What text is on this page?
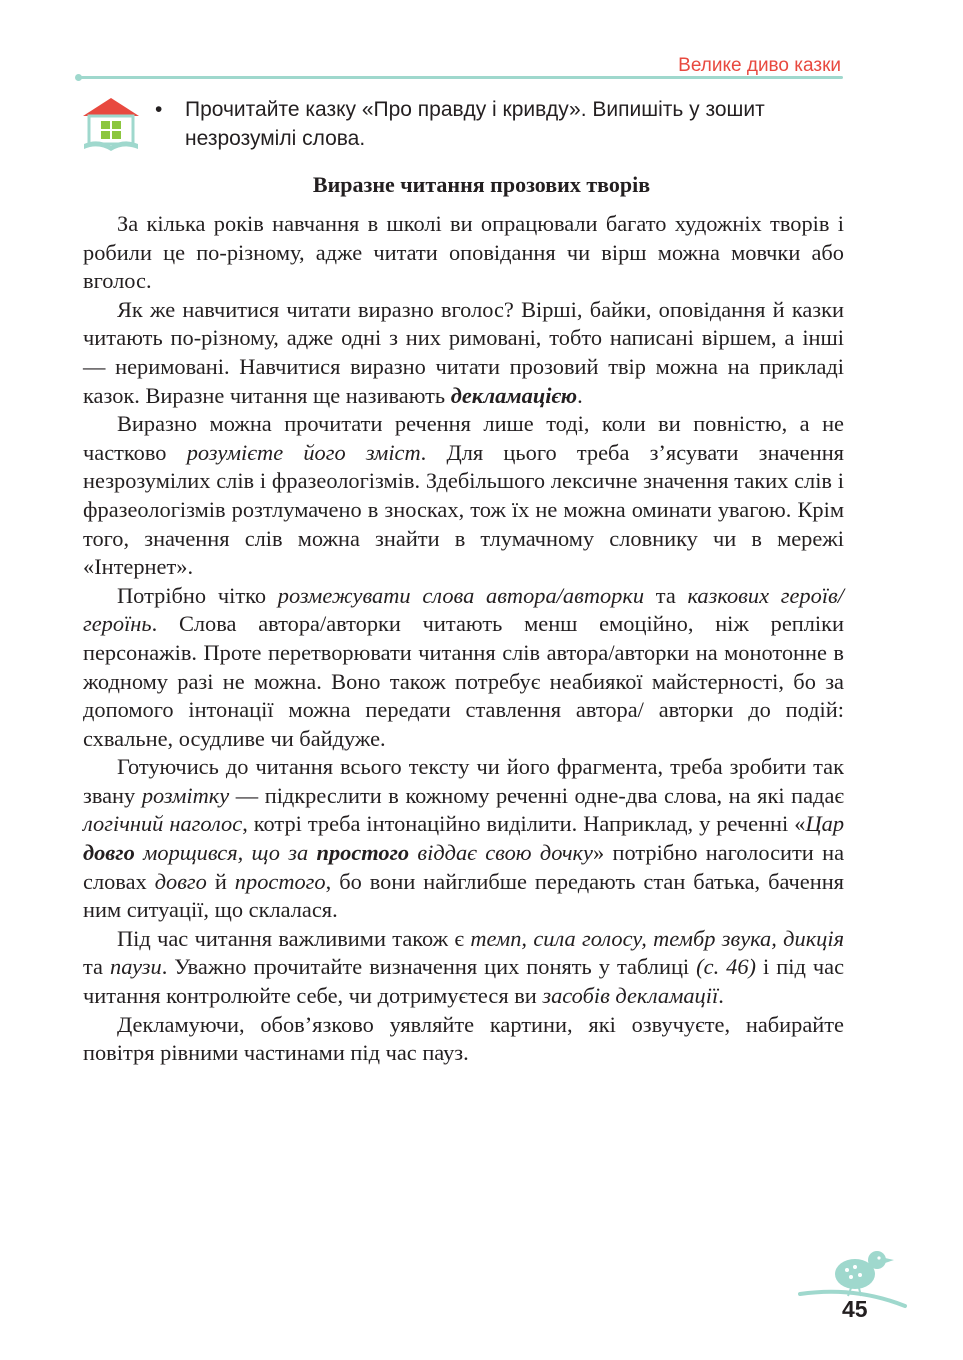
Велике диво казки
•	Прочитайте казку «Про правду і кривду». Випишіть у зошит незрозумілі слова.
Виразне читання прозових творів

За кілька років навчання в школі ви опрацювали багато художніх творів і робили це по-різному, адже читати оповідання чи вірш можна мовчки або вголос.

Як же навчитися читати виразно вголос? Вірші, байки, оповідання й казки читають по-різному, адже одні з них римовані, тобто написані віршем, а інші — неримовані. Навчитися виразно читати прозовий твір можна на прикладі казок. Виразне читання ще називають декламацією.

Виразно можна прочитати речення лише тоді, коли ви повністю, а не частково розумієте його зміст. Для цього треба з’ясувати значення незрозумілих слів і фразеологізмів. Здебільшого лексичне значення таких слів і фразеологізмів розтлумачено в зносках, тож їх не можна оминати увагою. Крім того, значення слів можна знайти в тлумачному словнику чи в мережі «Інтернет».

Потрібно чітко розмежувати слова автора/авторки та казкових героїв/героїнь. Слова автора/авторки читають менш емоційно, ніж репліки персонажів. Проте перетворювати читання слів автора/авторки на монотонне в жодному разі не можна. Воно також потребує неабиякої майстерності, бо за допомого інтонації можна передати ставлення автора/ авторки до подій: схвальне, осудливе чи байдуже.

Готуючись до читання всього тексту чи його фрагмента, треба зробити так звану розмітку — підкреслити в кожному реченні одне-два слова, на які падає логічний наголос, котрі треба інтонаційно виділити. Наприклад, у реченні «Цар довго морщився, що за простого віддає свою дочку» потрібно наголосити на словах довго й простого, бо вони найглибше передають стан батька, бачення ним ситуації, що склалася.

Під час читання важливими також є темп, сила голосу, тембр звука, дикція та паузи. Уважно прочитайте визначення цих понять у таблиці (с. 46) і під час читання контролюйте себе, чи дотримуєтеся ви засобів декламації.

Декламуючи, обов’язково уявляйте картини, які озвучуєте, набирайте повітря рівними частинами під час пауз.

45
